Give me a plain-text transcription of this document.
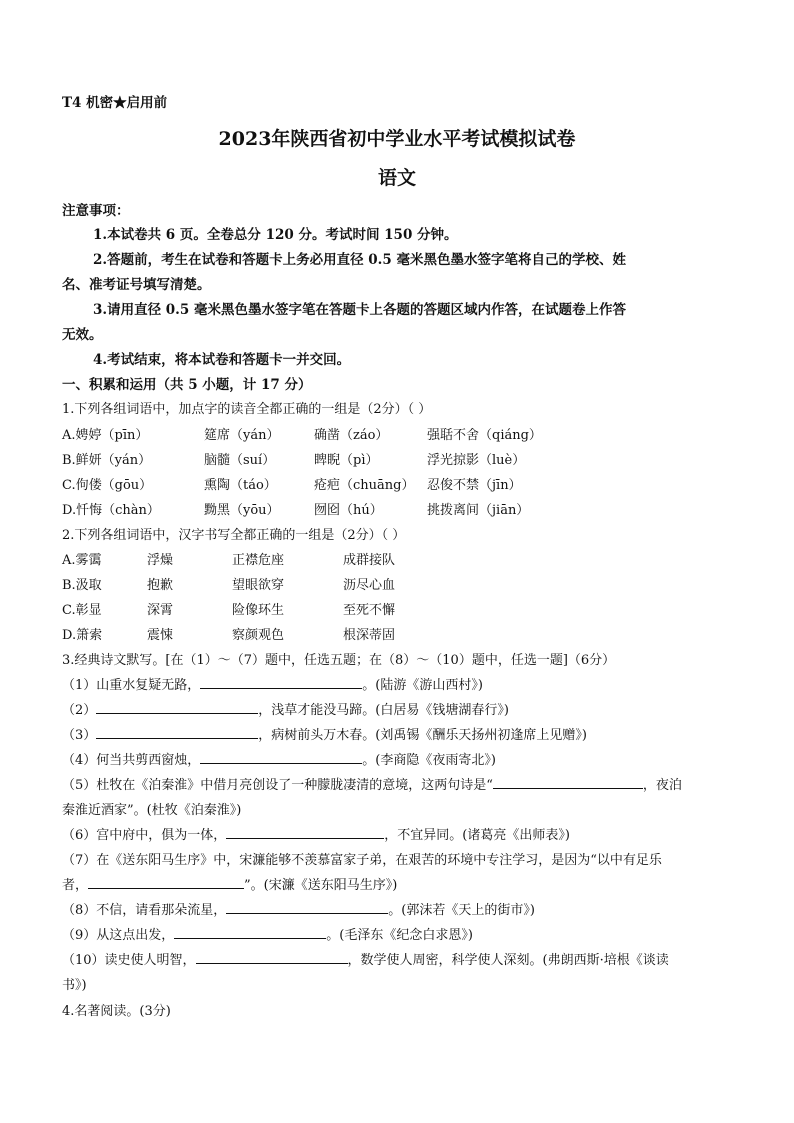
T4 机密★启用前
2023年陕西省初中学业水平考试模拟试卷
语文
注意事项：
1.本试卷共 6 页。全卷总分 120 分。考试时间 150 分钟。
2.答题前，考生在试卷和答题卡上务必用直径 0.5 毫米黑色墨水签字笔将自己的学校、姓
名、准考证号填写清楚。
3.请用直径 0.5 毫米黑色墨水签字笔在答题卡上各题的答题区域内作答，在试题卷上作答
无效。
4.考试结束，将本试卷和答题卡一并交回。
一、积累和运用（共 5 小题，计 17 分）
1.下列各组词语中，加点字的读音全都正确的一组是（2分）（ ）
A.娉婷（pīn）	筵席（yán）	确凿（záo）	强聒不舍（qiáng）
B.鲜妍（yán）	脑髓（suí）	睥睨（pì）	浮光掠影（luè）
C.佝偻（gōu）	熏陶（táo）	疮疤（chuāng） 忍俊不禁（jīn）
D.忏悔（chàn）	黝黑（yōu）	囫囵（hú）	挑拨离间（jiān）
2.下列各组词语中，汉字书写全都正确的一组是（2分）（ ）
A.雾霭	浮燥	正襟危座	成群接队
B.汲取	抱歉	望眼欲穿	沥尽心血
C.彰显	深霄	险像环生	至死不懈
D.箫索	震悚	察颜观色	根深蒂固
3.经典诗文默写。[在（1）～（7）题中，任选五题；在（8）～（10）题中，任选一题]（6分）
（1）山重水复疑无路，	。(陆游《游山西村》)
（2）	，浅草才能没马蹄。(白居易《钱塘湖春行》)
（3）	，病树前头万木春。(刘禹锡《酬乐天扬州初逢席上见赠》)
（4）何当共剪西窗烛，	。(李商隐《夜雨寄北》)
（5）杜牧在《泊秦淮》中借月亮创设了一种朦胧凄清的意境，这两句诗是“	，夜泊
秦淮近酒家”。(杜牧《泊秦淮》)
（6）宫中府中，俱为一体，	，不宜异同。(诸葛亮《出师表》)
（7）在《送东阳马生序》中，宋濂能够不羡慕富家子弟，在艰苦的环境中专注学习，是因为“以中有足乐
者，	”。(宋濂《送东阳马生序》)
（8）不信，请看那朵流星，	。(郭沫若《天上的街市》)
（9）从这点出发，	。(毛泽东《纪念白求恩》)
（10）读史使人明智，	，数学使人周密，科学使人深刻。(弗朗西斯·培根《谈读
书》)
4.名著阅读。(3分)
